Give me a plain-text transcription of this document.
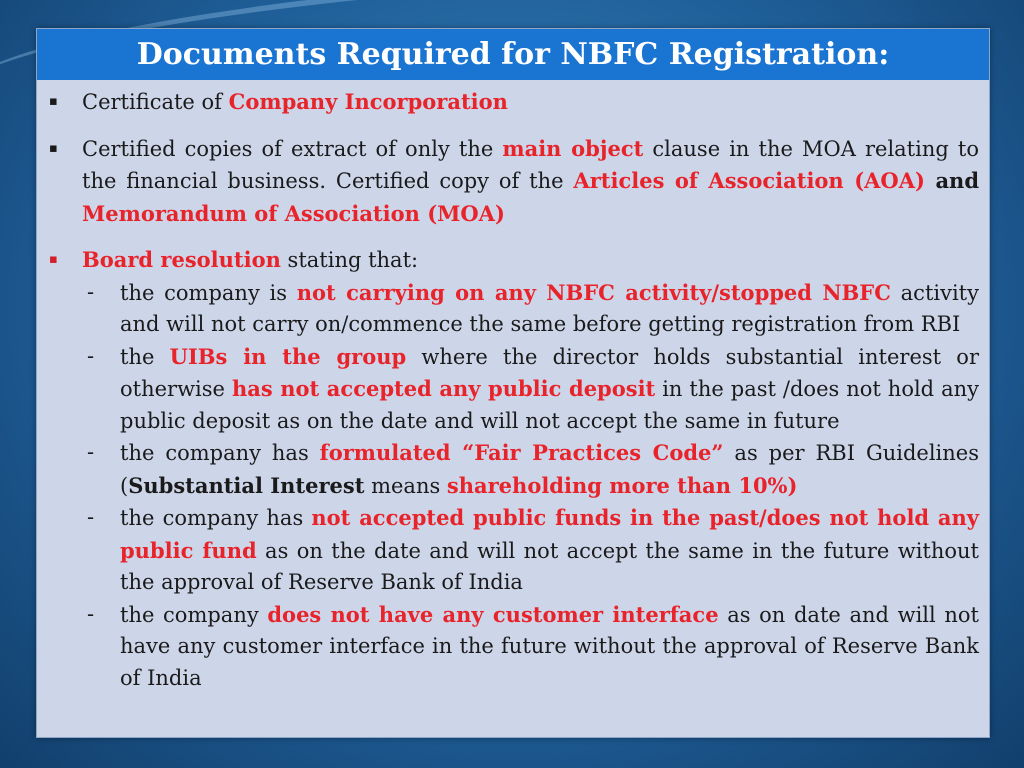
Documents Required for NBFC Registration:
▪	Certificate of Company Incorporation
▪	Certified copies of extract of only the main object clause in the MOA relating to the financial business. Certified copy of the Articles of Association (AOA) and Memorandum of Association (MOA)
▪	Board resolution stating that:
-	the company is not carrying on any NBFC activity/stopped NBFC activity and will not carry on/commence the same before getting registration from RBI
-	the UIBs in the group where the director holds substantial interest or otherwise has not accepted any public deposit in the past /does not hold any public deposit as on the date and will not accept the same in future
-	the company has formulated “Fair Practices Code” as per RBI Guidelines (Substantial Interest means shareholding more than 10%)
-	the company has not accepted public funds in the past/does not hold any public fund as on the date and will not accept the same in the future without the approval of Reserve Bank of India
-	the company does not have any customer interface as on date and will not have any customer interface in the future without the approval of Reserve Bank of India
